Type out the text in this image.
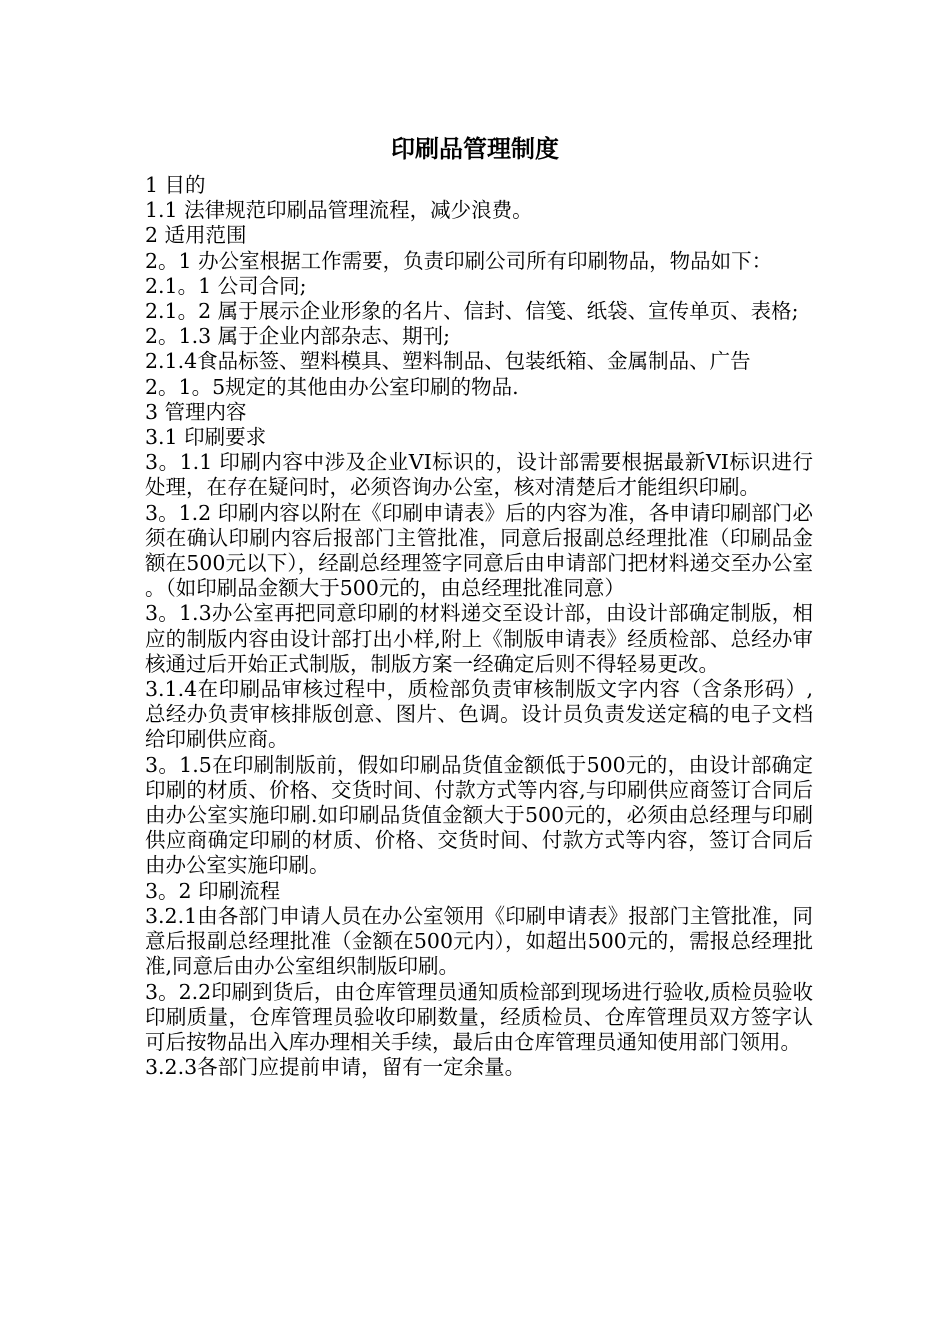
印刷品管理制度

1 目的

1.1 法律规范印刷品管理流程，减少浪费。

2 适用范围

2。1 办公室根据工作需要，负责印刷公司所有印刷物品，物品如下：

2.1。1 公司合同;

2.1。2 属于展示企业形象的名片、信封、信笺、纸袋、宣传单页、表格;

2。1.3 属于企业内部杂志、期刊;

2.1.4食品标签、塑料模具、塑料制品、包装纸箱、金属制品、广告

2。1。5规定的其他由办公室印刷的物品.

3 管理内容

3.1 印刷要求

3。1.1 印刷内容中涉及企业VI标识的，设计部需要根据最新VI标识进行处理，在存在疑问时，必须咨询办公室，核对清楚后才能组织印刷。

3。1.2 印刷内容以附在《印刷申请表》后的内容为准，各申请印刷部门必须在确认印刷内容后报部门主管批准，同意后报副总经理批准（印刷品金额在500元以下），经副总经理签字同意后由申请部门把材料递交至办公室。（如印刷品金额大于500元的，由总经理批准同意）

3。1.3办公室再把同意印刷的材料递交至设计部，由设计部确定制版，相应的制版内容由设计部打出小样,附上《制版申请表》经质检部、总经办审核通过后开始正式制版，制版方案一经确定后则不得轻易更改。

3.1.4在印刷品审核过程中，质检部负责审核制版文字内容（含条形码）,总经办负责审核排版创意、图片、色调。设计员负责发送定稿的电子文档给印刷供应商。

3。1.5在印刷制版前，假如印刷品货值金额低于500元的，由设计部确定印刷的材质、价格、交货时间、付款方式等内容,与印刷供应商签订合同后由办公室实施印刷.如印刷品货值金额大于500元的，必须由总经理与印刷供应商确定印刷的材质、价格、交货时间、付款方式等内容，签订合同后由办公室实施印刷。

3。2 印刷流程

3.2.1由各部门申请人员在办公室领用《印刷申请表》报部门主管批准，同意后报副总经理批准（金额在500元内），如超出500元的，需报总经理批准,同意后由办公室组织制版印刷。

3。2.2印刷到货后，由仓库管理员通知质检部到现场进行验收,质检员验收印刷质量，仓库管理员验收印刷数量，经质检员、仓库管理员双方签字认可后按物品出入库办理相关手续，最后由仓库管理员通知使用部门领用。

3.2.3各部门应提前申请，留有一定余量。
